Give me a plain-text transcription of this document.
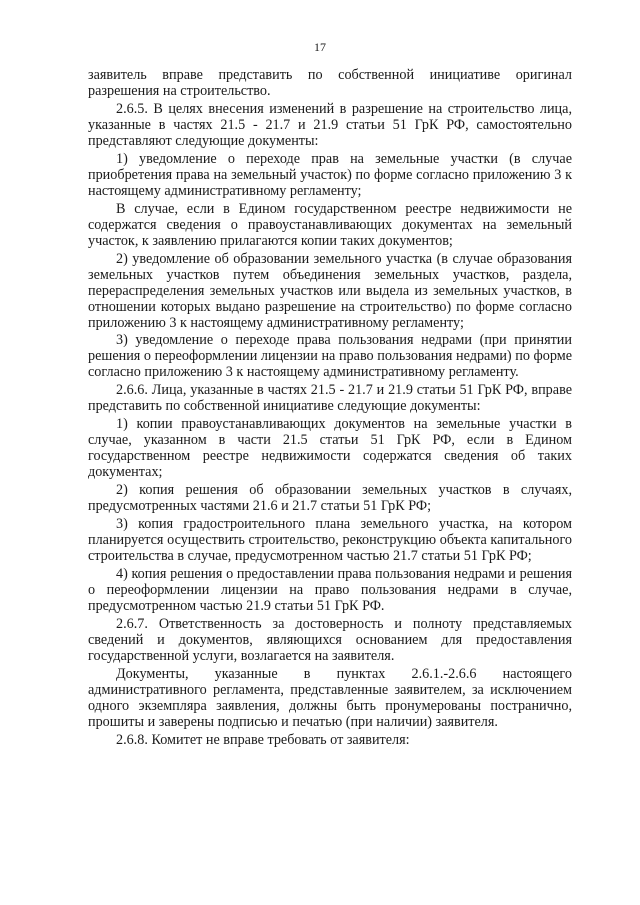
17

заявитель вправе представить по собственной инициативе оригинал разрешения на строительство.

2.6.5. В целях внесения изменений в разрешение на строительство лица, указанные в частях 21.5 - 21.7 и 21.9 статьи 51 ГрК РФ, самостоятельно представляют следующие документы:

1) уведомление о переходе прав на земельные участки (в случае приобретения права на земельный участок) по форме согласно приложению 3 к настоящему административному регламенту;

В случае, если в Едином государственном реестре недвижимости не содержатся сведения о правоустанавливающих документах на земельный участок, к заявлению прилагаются копии таких документов;

2) уведомление об образовании земельного участка (в случае образования земельных участков путем объединения земельных участков, раздела, перераспределения земельных участков или выдела из земельных участков, в отношении которых выдано разрешение на строительство) по форме согласно приложению 3 к настоящему административному регламенту;

3) уведомление о переходе права пользования недрами (при принятии решения о переоформлении лицензии на право пользования недрами) по форме согласно приложению 3 к настоящему административному регламенту.

2.6.6. Лица, указанные в частях 21.5 - 21.7 и 21.9 статьи 51 ГрК РФ, вправе представить по собственной инициативе следующие документы:

1) копии правоустанавливающих документов на земельные участки в случае, указанном в части 21.5 статьи 51 ГрК РФ, если в Едином государственном реестре недвижимости содержатся сведения об таких документах;

2) копия решения об образовании земельных участков в случаях, предусмотренных частями 21.6 и 21.7 статьи 51 ГрК РФ;

3) копия градостроительного плана земельного участка, на котором планируется осуществить строительство, реконструкцию объекта капитального строительства в случае, предусмотренном частью 21.7 статьи 51 ГрК РФ;

4) копия решения о предоставлении права пользования недрами и решения о переоформлении лицензии на право пользования недрами в случае, предусмотренном частью 21.9 статьи 51 ГрК РФ.

2.6.7. Ответственность за достоверность и полноту представляемых сведений и документов, являющихся основанием для предоставления государственной услуги, возлагается на заявителя.

Документы, указанные в пунктах 2.6.1.-2.6.6 настоящего административного регламента, представленные заявителем, за исключением одного экземпляра заявления, должны быть пронумерованы постранично, прошиты и заверены подписью и печатью (при наличии) заявителя.

2.6.8. Комитет не вправе требовать от заявителя:
